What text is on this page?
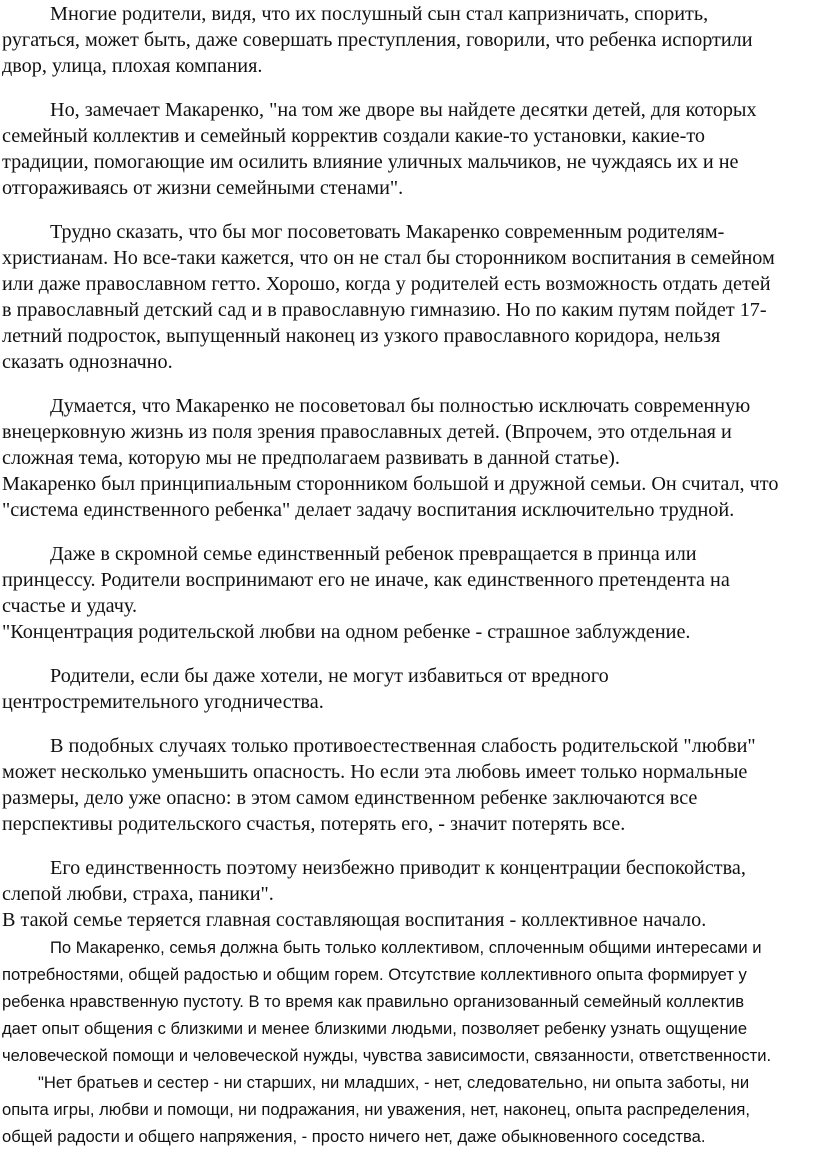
Многие родители, видя, что их послушный сын стал капризничать, спорить,

ругаться, может быть, даже совершать преступления, говорили, что ребенка испортили

двор, улица, плохая компания.

Но, замечает Макаренко, "на том же дворе вы найдете десятки детей, для которых

семейный коллектив и семейный корректив создали какие-то установки, какие-то

традиции, помогающие им осилить влияние уличных мальчиков, не чуждаясь их и не

отгораживаясь от жизни семейными стенами".

Трудно сказать, что бы мог посоветовать Макаренко современным родителям-

христианам. Но все-таки кажется, что он не стал бы сторонником воспитания в семейном

или даже православном гетто. Хорошо, когда у родителей есть возможность отдать детей

в православный детский сад и в православную гимназию. Но по каким путям пойдет 17-

летний подросток, выпущенный наконец из узкого православного коридора, нельзя

сказать однозначно.

Думается, что Макаренко не посоветовал бы полностью исключать современную

внецерковную жизнь из поля зрения православных детей. (Впрочем, это отдельная и

сложная тема, которую мы не предполагаем развивать в данной статье).

Макаренко был принципиальным сторонником большой и дружной семьи. Он считал, что

"система единственного ребенка" делает задачу воспитания исключительно трудной.

Даже в скромной семье единственный ребенок превращается в принца или

принцессу. Родители воспринимают его не иначе, как единственного претендента на

счастье и удачу.

"Концентрация родительской любви на одном ребенке - страшное заблуждение.

Родители, если бы даже хотели, не могут избавиться от вредного

центростремительного угодничества.

В подобных случаях только противоестественная слабость родительской "любви"

может несколько уменьшить опасность. Но если эта любовь имеет только нормальные

размеры, дело уже опасно: в этом самом единственном ребенке заключаются все

перспективы родительского счастья, потерять его, - значит потерять все.

Его единственность поэтому неизбежно приводит к концентрации беспокойства,

слепой любви, страха, паники".

В такой семье теряется главная составляющая воспитания - коллективное начало.

По Макаренко, семья должна быть только коллективом, сплоченным общими интересами и

потребностями, общей радостью и общим горем. Отсутствие коллективного опыта формирует у

ребенка нравственную пустоту. В то время как правильно организованный семейный коллектив

дает опыт общения с близкими и менее близкими людьми, позволяет ребенку узнать ощущение

человеческой помощи и человеческой нужды, чувства зависимости, связанности, ответственности.

"Нет братьев и сестер - ни старших, ни младших, - нет, следовательно, ни опыта заботы, ни

опыта игры, любви и помощи, ни подражания, ни уважения, нет, наконец, опыта распределения,

общей радости и общего напряжения, - просто ничего нет, даже обыкновенного соседства.
